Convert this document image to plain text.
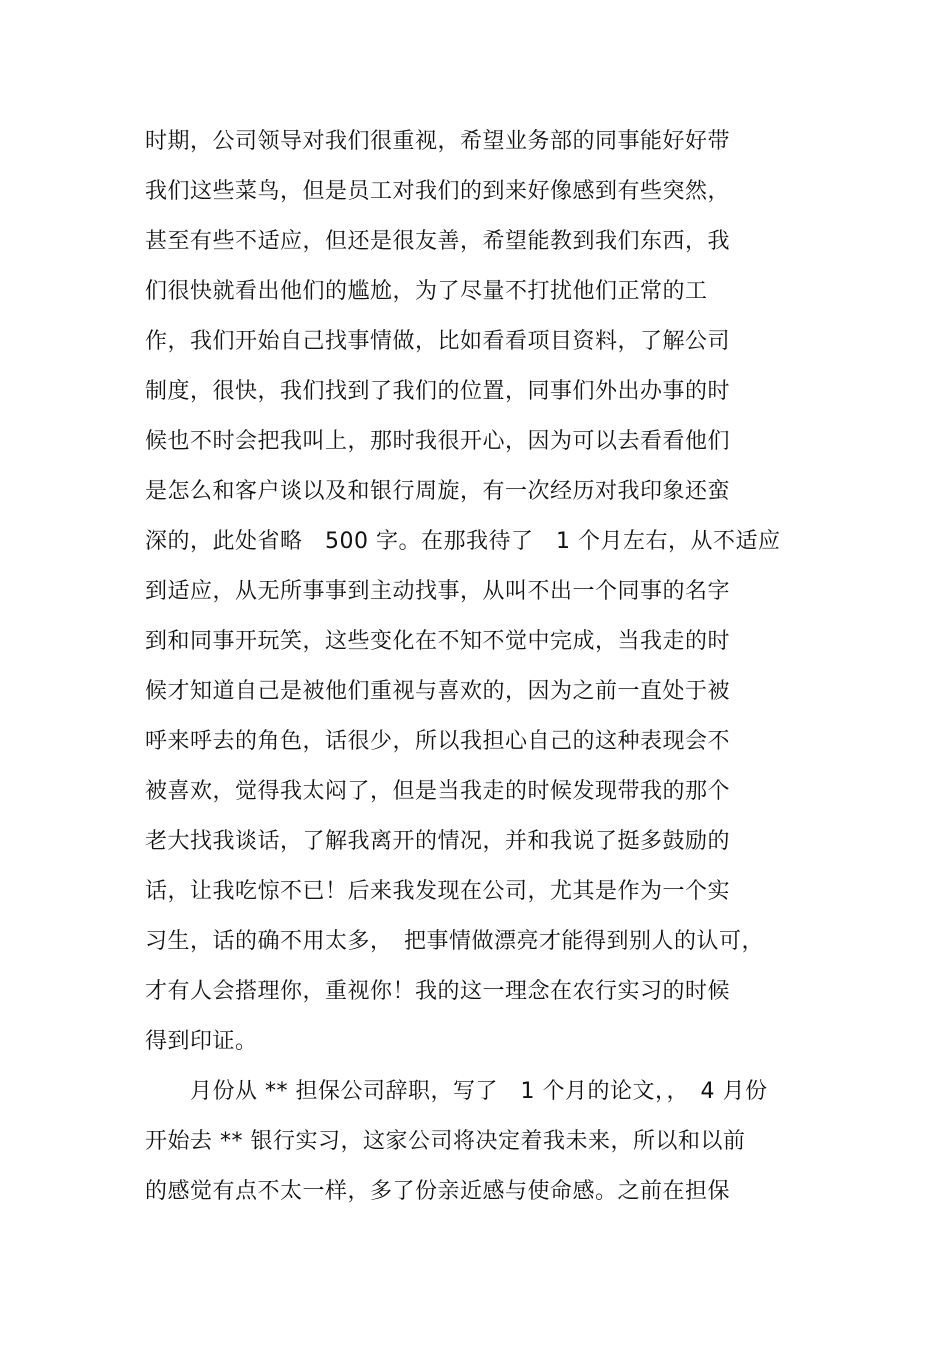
时期，公司领导对我们很重视，希望业务部的同事能好好带
我们这些菜鸟，但是员工对我们的到来好像感到有些突然，
甚至有些不适应，但还是很友善，希望能教到我们东西，我
们很快就看出他们的尴尬，为了尽量不打扰他们正常的工
作，我们开始自己找事情做，比如看看项目资料，了解公司
制度，很快，我们找到了我们的位置，同事们外出办事的时
候也不时会把我叫上，那时我很开心，因为可以去看看他们
是怎么和客户谈以及和银行周旋，有一次经历对我印象还蛮
深的，此处省略　500 字。在那我待了　1 个月左右，从不适应
到适应，从无所事事到主动找事，从叫不出一个同事的名字
到和同事开玩笑，这些变化在不知不觉中完成，当我走的时
候才知道自己是被他们重视与喜欢的，因为之前一直处于被
呼来呼去的角色，话很少，所以我担心自己的这种表现会不
被喜欢，觉得我太闷了，但是当我走的时候发现带我的那个
老大找我谈话，了解我离开的情况，并和我说了挺多鼓励的
话，让我吃惊不已！后来我发现在公司，尤其是作为一个实
习生，话的确不用太多，　把事情做漂亮才能得到别人的认可，
才有人会搭理你，重视你！我的这一理念在农行实习的时候
得到印证。
　　月份从 ** 担保公司辞职，写了　1 个月的论文，，　4 月份
开始去 ** 银行实习，这家公司将决定着我未来，所以和以前
的感觉有点不太一样，多了份亲近感与使命感。之前在担保
